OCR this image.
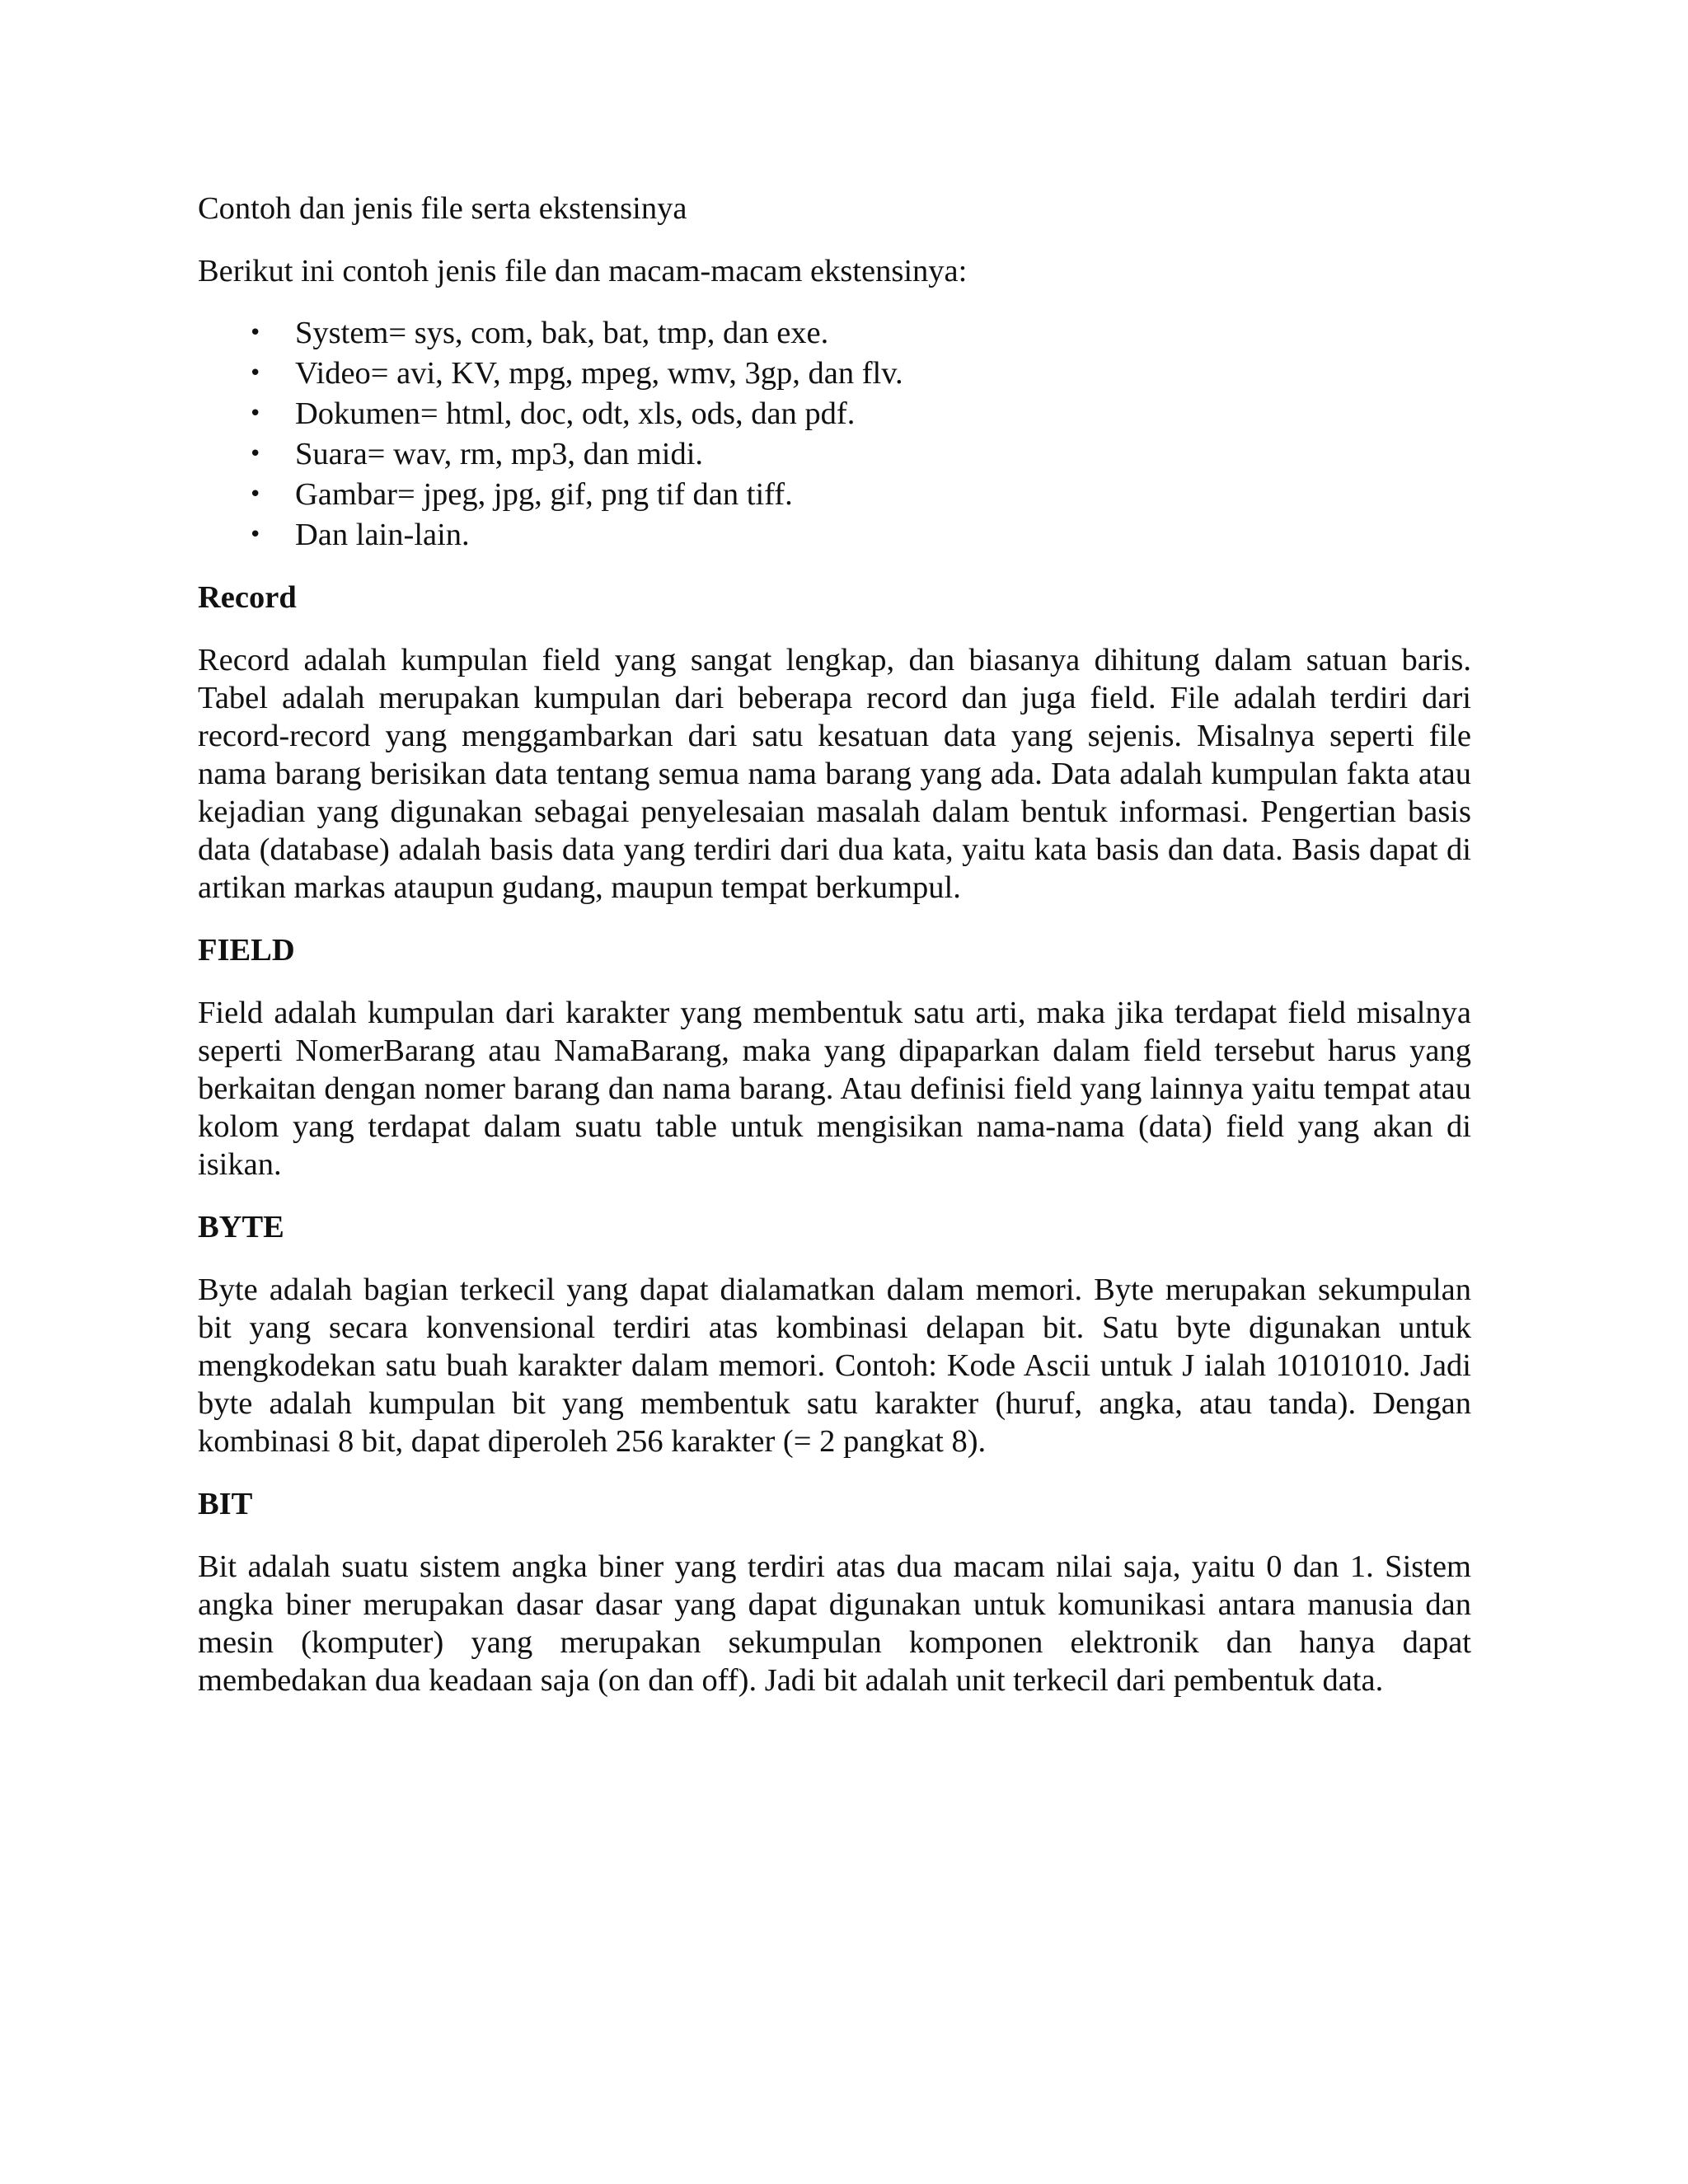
Contoh dan jenis file serta ekstensinya

Berikut ini contoh jenis file dan macam-macam ekstensinya:

• System= sys, com, bak, bat, tmp, dan exe.
• Video= avi, KV, mpg, mpeg, wmv, 3gp, dan flv.
• Dokumen= html, doc, odt, xls, ods, dan pdf.
• Suara= wav, rm, mp3, dan midi.
• Gambar= jpeg, jpg, gif, png tif dan tiff.
• Dan lain-lain.
Record

Record adalah kumpulan field yang sangat lengkap, dan biasanya dihitung dalam satuan baris. Tabel adalah merupakan kumpulan dari beberapa record dan juga field. File adalah terdiri dari record-record yang menggambarkan dari satu kesatuan data yang sejenis. Misalnya seperti file nama barang berisikan data tentang semua nama barang yang ada. Data adalah kumpulan fakta atau kejadian yang digunakan sebagai penyelesaian masalah dalam bentuk informasi. Pengertian basis data (database) adalah basis data yang terdiri dari dua kata, yaitu kata basis dan data. Basis dapat di artikan markas ataupun gudang, maupun tempat berkumpul.

FIELD

Field adalah kumpulan dari karakter yang membentuk satu arti, maka jika terdapat field misalnya seperti NomerBarang atau NamaBarang, maka yang dipaparkan dalam field tersebut harus yang berkaitan dengan nomer barang dan nama barang. Atau definisi field yang lainnya yaitu tempat atau kolom yang terdapat dalam suatu table untuk mengisikan nama-nama (data) field yang akan di isikan.

BYTE

Byte adalah bagian terkecil yang dapat dialamatkan dalam memori. Byte merupakan sekumpulan bit yang secara konvensional terdiri atas kombinasi delapan bit. Satu byte digunakan untuk mengkodekan satu buah karakter dalam memori. Contoh: Kode Ascii untuk J ialah 10101010. Jadi byte adalah kumpulan bit yang membentuk satu karakter (huruf, angka, atau tanda). Dengan kombinasi 8 bit, dapat diperoleh 256 karakter (= 2 pangkat 8).

BIT

Bit adalah suatu sistem angka biner yang terdiri atas dua macam nilai saja, yaitu 0 dan 1. Sistem angka biner merupakan dasar dasar yang dapat digunakan untuk komunikasi antara manusia dan mesin (komputer) yang merupakan sekumpulan komponen elektronik dan hanya dapat membedakan dua keadaan saja (on dan off). Jadi bit adalah unit terkecil dari pembentuk data.
